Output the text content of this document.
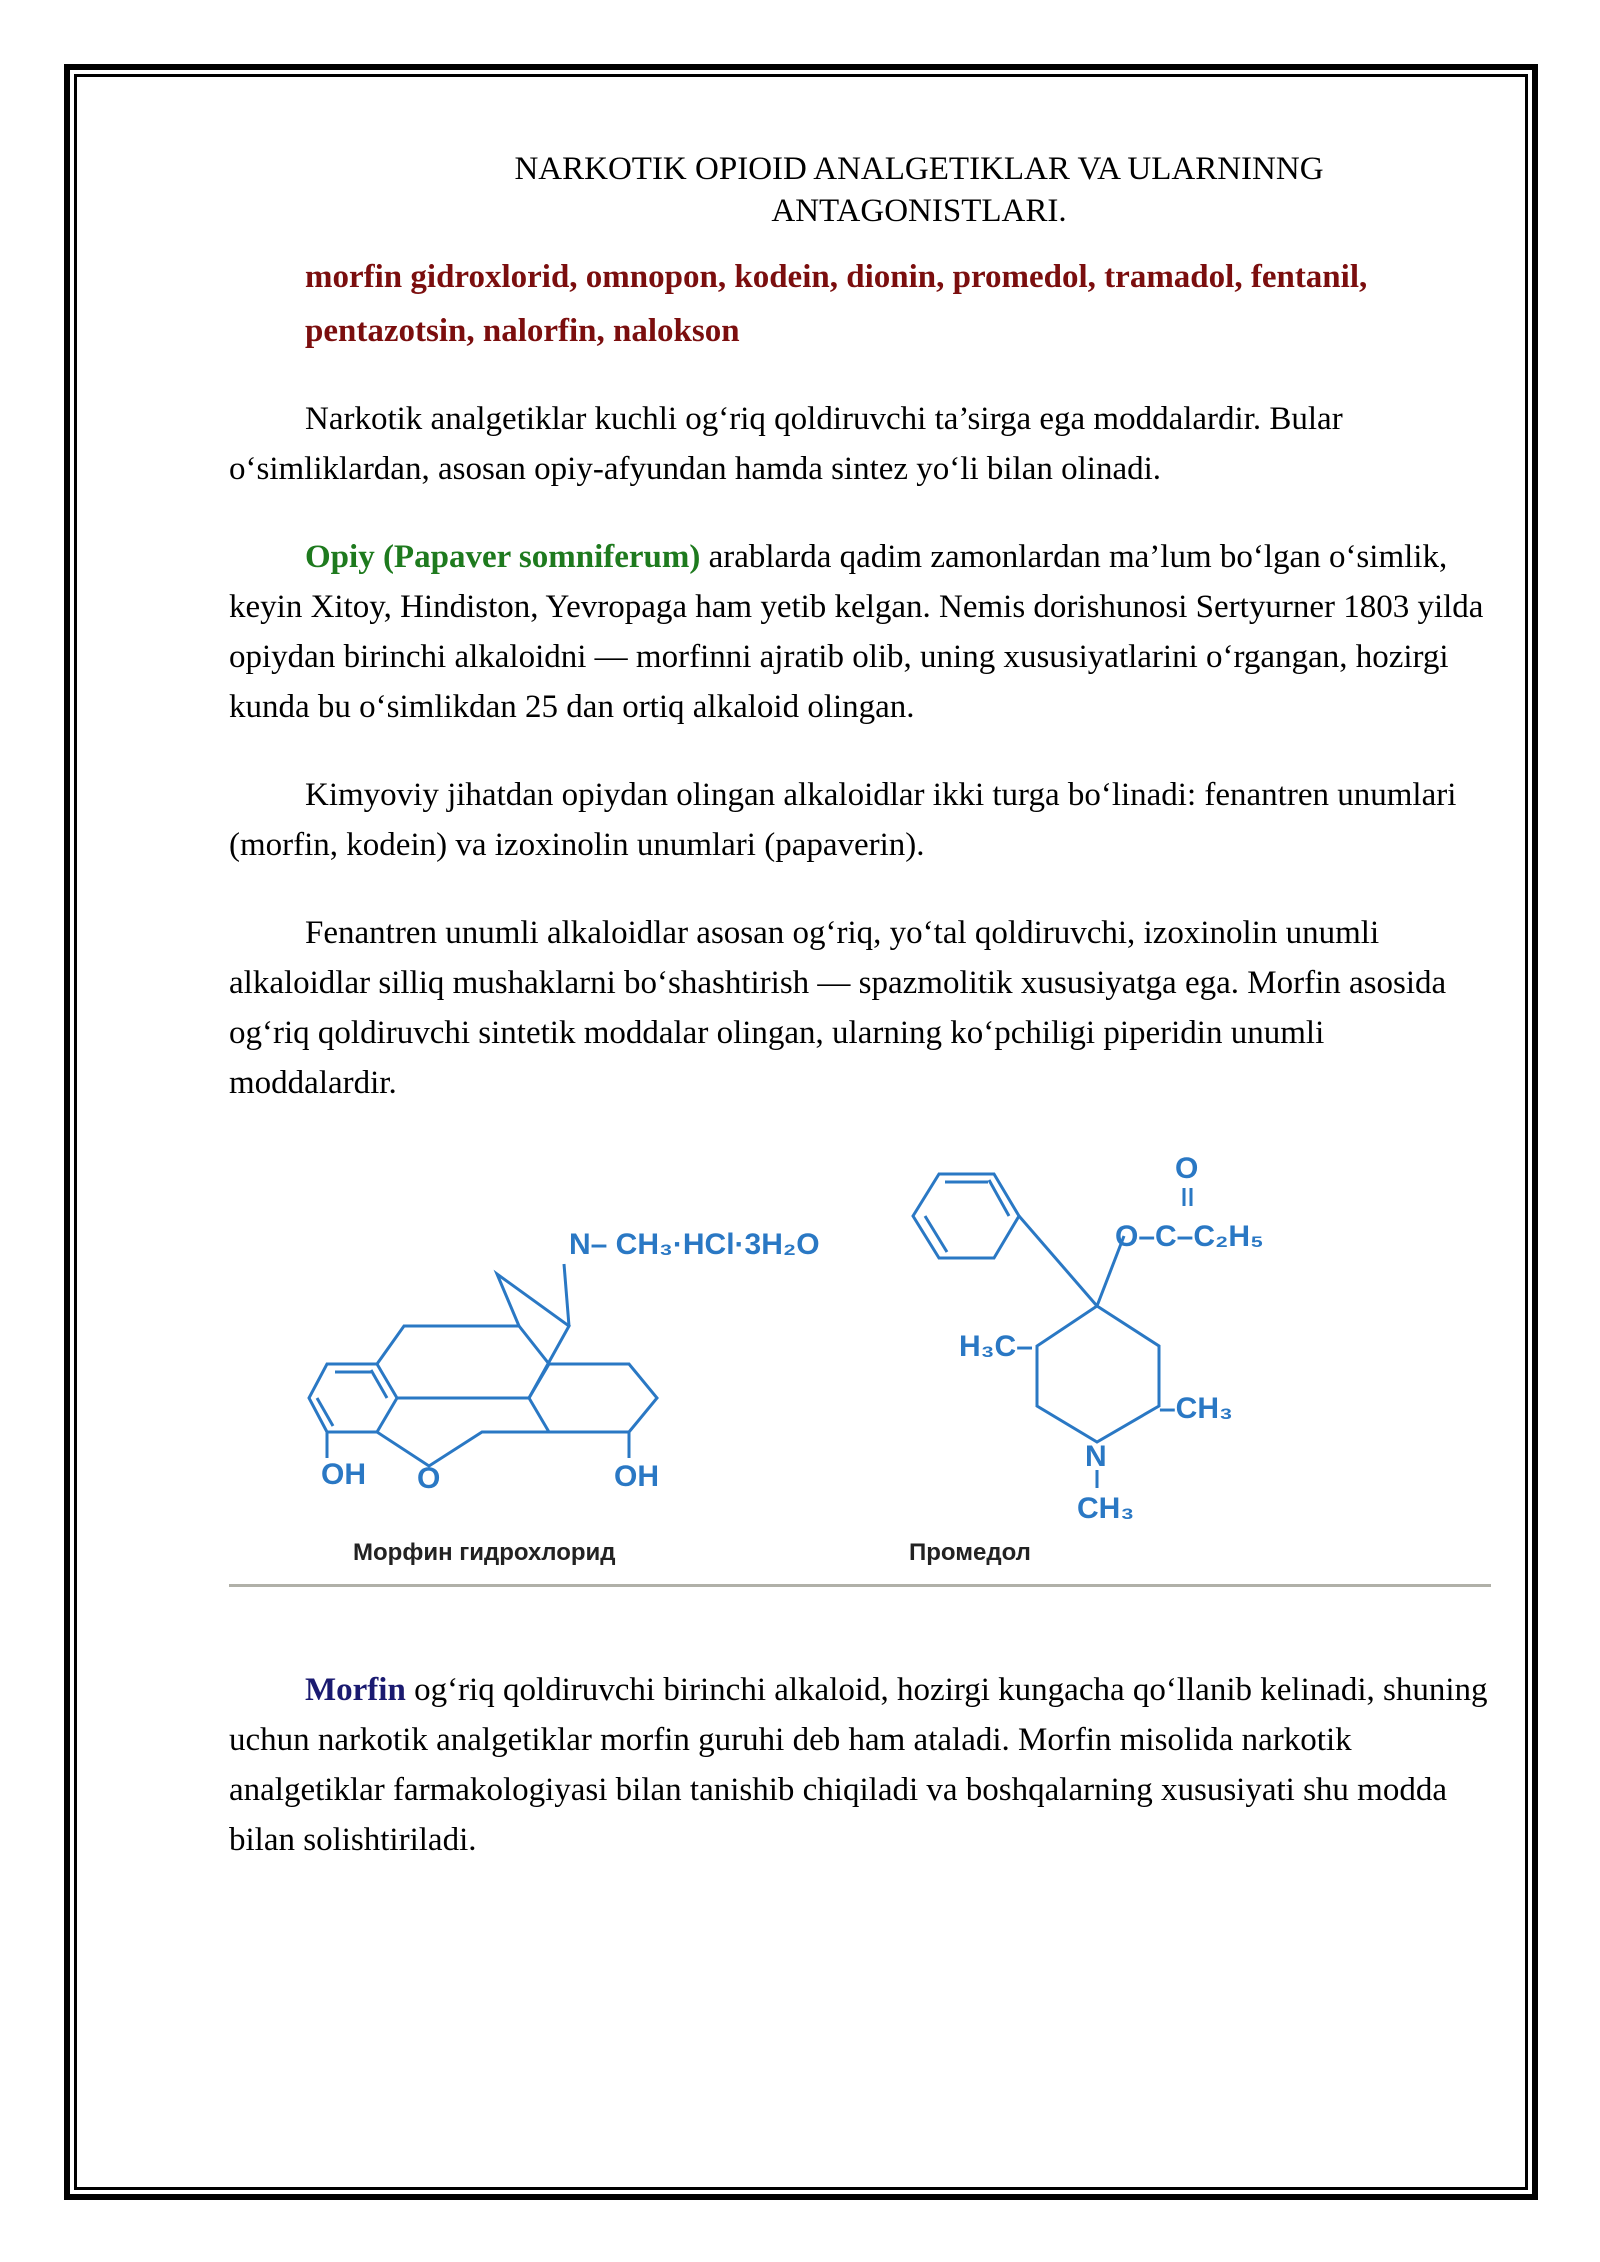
NARKOTIK OPIOID ANALGETIKLAR VA ULARNINNG
ANTAGONISTLARI.

morfin gidroxlorid, omnopon, kodein, dionin, promedol, tramadol, fentanil,

pentazotsin, nalorfin, nalokson

Narkotik analgetiklar kuchli og‘riq qoldiruvchi ta’sirga ega moddalardir. Bular o‘simliklardan, asosan opiy-afyundan hamda sintez yo‘li bilan olinadi.

Opiy (Papaver somniferum) arablarda qadim zamonlardan ma’lum bo‘lgan o‘simlik, keyin Xitoy, Hindiston, Yevropaga ham yetib kelgan. Nemis dorishunosi Sertyurner 1803 yilda opiydan birinchi alkaloidni — morfinni ajratib olib, uning xususiyatlarini o‘rgangan, hozirgi kunda bu o‘simlikdan 25 dan ortiq alkaloid olingan.

Kimyoviy jihatdan opiydan olingan alkaloidlar ikki turga bo‘linadi: fenantren unumlari (morfin, kodein) va izoxinolin unumlari (papaverin).

Fenantren unumli alkaloidlar asosan og‘riq, yo‘tal qoldiruvchi, izoxinolin unumli alkaloidlar silliq mushaklarni bo‘shashtirish — spazmolitik xususiyatga ega. Morfin asosida og‘riq qoldiruvchi sintetik moddalar olingan, ularning ko‘pchiligi piperidin unumli moddalardir.

N– CH₃·HCl·3H₂O
OH O	OH
Морфин гидрохлорид
O
O–C–C₂H₅
H₃C–
–CH₃
N
CH₃
Промедол

Morfin og‘riq qoldiruvchi birinchi alkaloid, hozirgi kungacha qo‘llanib kelinadi, shuning uchun narkotik analgetiklar morfin guruhi deb ham ataladi. Morfin misolida narkotik analgetiklar farmakologiyasi bilan tanishib chiqiladi va boshqalarning xususiyati shu modda bilan solishtiriladi.
